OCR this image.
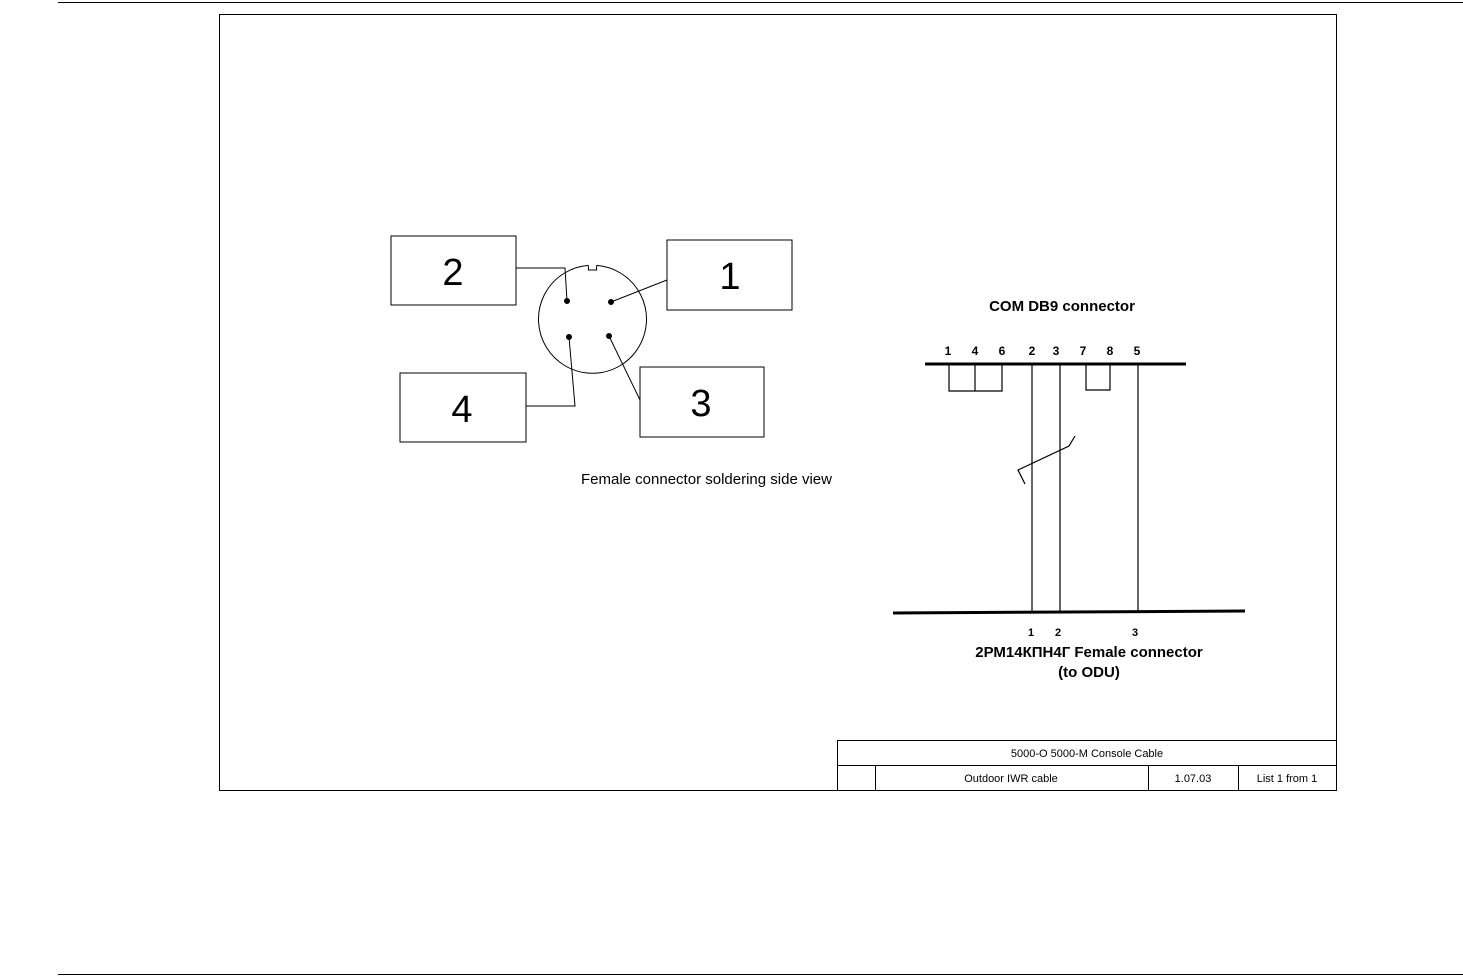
2	1
4	3
Female connector soldering side view
COM DB9 connector
1 4 6 2 3 7 8 5
1 2	3
2РМ14КПН4Г Female connector
(to ODU)
5000-O 5000-M Console Cable
Outdoor IWR cable	1.07.03	List 1 from 1
